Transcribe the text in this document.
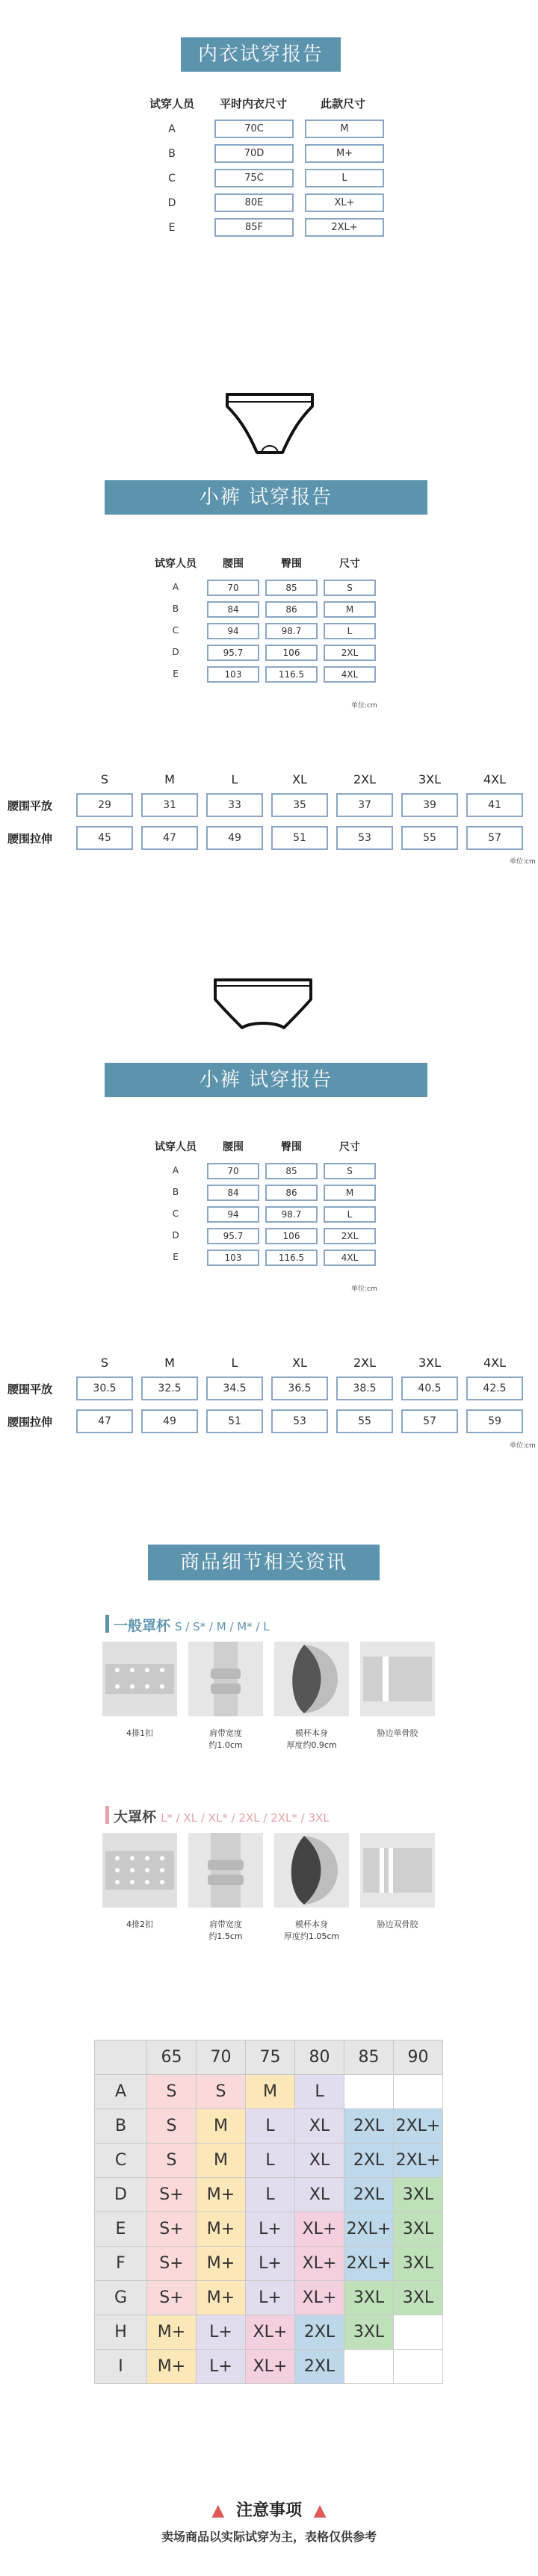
内衣试穿报告
试穿人员	平时内衣尺寸	此款尺寸
A	70C	M
B	70D	M+
C	75C	L
D	80E	XL+
E	85F	2XL+
小裤 试穿报告
试穿人员	腰围	臀围	尺寸
A	70	85	S
B	84	86	M
C	94	98.7	L
D	95.7	106	2XL
E	103	116.5	4XL
单位:cm
S	M	L	XL	2XL	3XL	4XL
腰围平放	29	31	33	35	37	39	41
腰围拉伸	45	47	49	51	53	55	57
单位:cm
小裤 试穿报告
试穿人员	腰围	臀围	尺寸
A	70	85	S
B	84	86	M
C	94	98.7	L
D	95.7	106	2XL
E	103	116.5	4XL
单位:cm
S	M	L	XL	2XL	3XL	4XL
腰围平放	30.5	32.5	34.5	36.5	38.5	40.5	42.5
腰围拉伸	47	49	51	53	55	57	59
单位:cm
商品细节相关资讯
一般罩杯 S / S* / M / M* / L
4排1扣	肩带宽度
约1.0cm
模杯本身
厚度约0.9cm
胁边单骨胶
大罩杯 L* / XL / XL* / 2XL / 2XL* / 3XL
4排2扣	肩带宽度
约1.5cm
模杯本身
厚度约1.05cm
胁边双骨胶
	65	70	75	80	85	90
A	S	S	M	L		
B	S	M	L	XL	2XL	2XL+
C	S	M	L	XL	2XL	2XL+
D	S+	M+	L	XL	2XL	3XL
E	S+	M+	L+	XL+	2XL+	3XL
F	S+	M+	L+	XL+	2XL+	3XL
G	S+	M+	L+	XL+	3XL	3XL
H	M+	L+	XL+	2XL	3XL	
I	M+	L+	XL+	2XL		
▲ 注意事项 ▲
卖场商品以实际试穿为主，表格仅供参考
